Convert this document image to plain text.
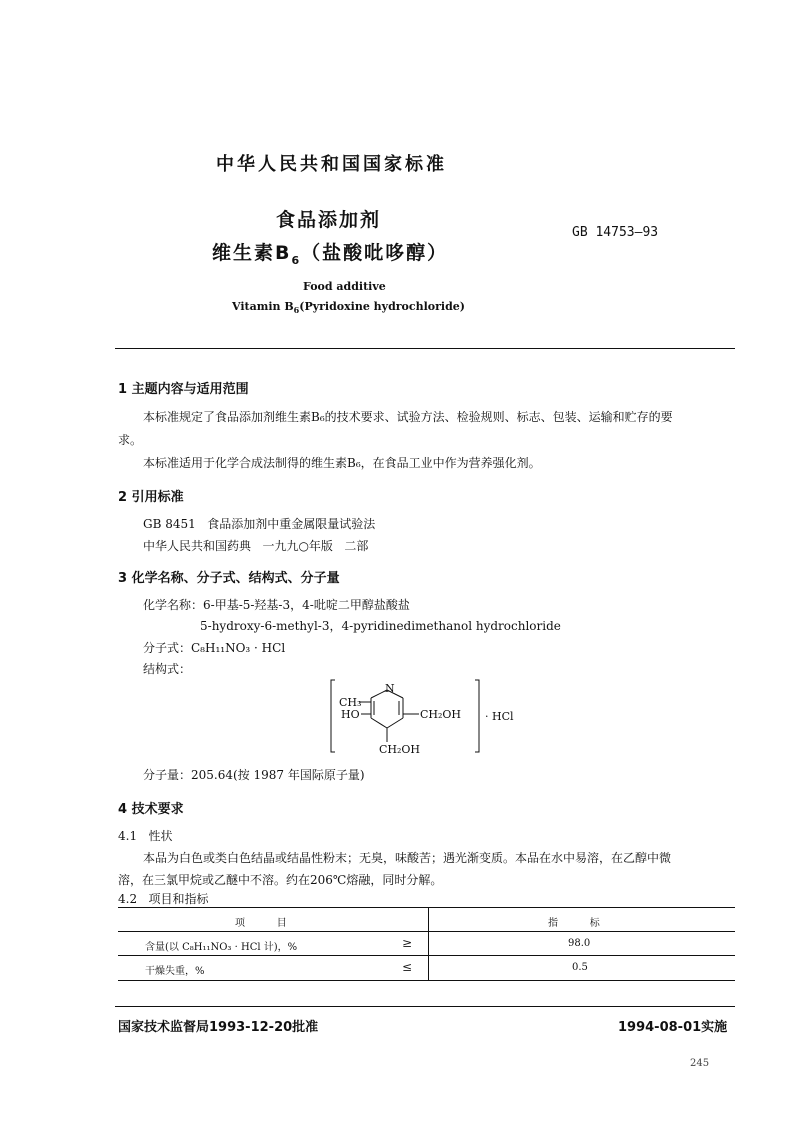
中华人民共和国国家标准
食品添加剂
维生素$B_6$（盐酸吡哆醇）
GB 14753—93
Food additive
Vitamin $B_6(Pyridoxine$ hydrochloride)
1 主题内容与适用范围
本标准规定了食品添加剂维生素B₆的技术要求、试验方法、检验规则、标志、包装、运输和贮存的要
求。
本标准适用于化学合成法制得的维生素B₆，在食品工业中作为营养强化剂。
2 引用标准
GB 8451   食品添加剂中重金属限量试验法
中华人民共和国药典   一九九○年版   二部
3 化学名称、分子式、结构式、分子量
化学名称：6-甲基-5-羟基-3，4-吡啶二甲醇盐酸盐
5-hydroxy-6-methyl-3，4-pyridinedimethanol hydrochloride
分子式：C₈H₁₁NO₃ · HCl
结构式：
N
CH₃
HO	CH₂OH
CH₂OH
· HCl
分子量：205.64(按 1987 年国际原子量)
4 技术要求
4.1   性状
本品为白色或类白色结晶或结晶性粉末；无臭，味酸苦；遇光渐变质。本品在水中易溶，在乙醇中微
溶，在三氯甲烷或乙醚中不溶。约在206℃熔融，同时分解。
4.2   项目和指标
项          目	指          标
含量(以 C₈H₁₁NO₃ · HCl 计)，%	≥	98.0
干燥失重，%	≤	0.5
国家技术监督局1993-12-20批准	1994-08-01实施
245
